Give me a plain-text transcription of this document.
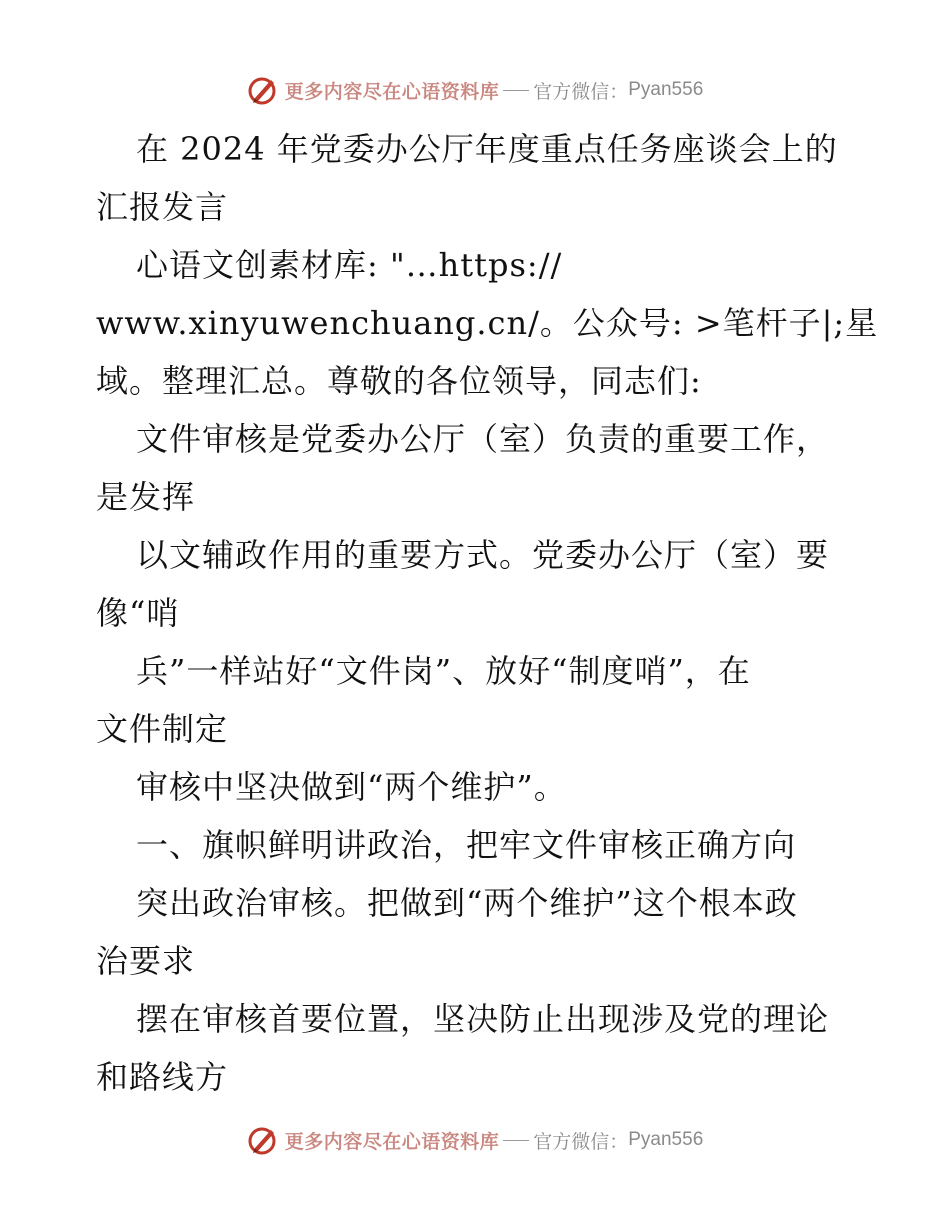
更多内容尽在心语资料库 官方微信： Pyan556
在 2024 年党委办公厅年度重点任务座谈会上的
汇报发言
心语文创素材库: "…https://
www.xinyuwenchuang.cn/。公众号: >笔杆子|;星
域。整理汇总。尊敬的各位领导，同志们:
文件审核是党委办公厅（室）负责的重要工作，
是发挥
以文辅政作用的重要方式。党委办公厅（室）要
像“哨
兵”一样站好“文件岗”、放好“制度哨”，在
文件制定
审核中坚决做到“两个维护”。
一、旗帜鲜明讲政治，把牢文件审核正确方向
突出政治审核。把做到“两个维护”这个根本政
治要求
摆在审核首要位置，坚决防止出现涉及党的理论
和路线方
更多内容尽在心语资料库 官方微信： Pyan556
